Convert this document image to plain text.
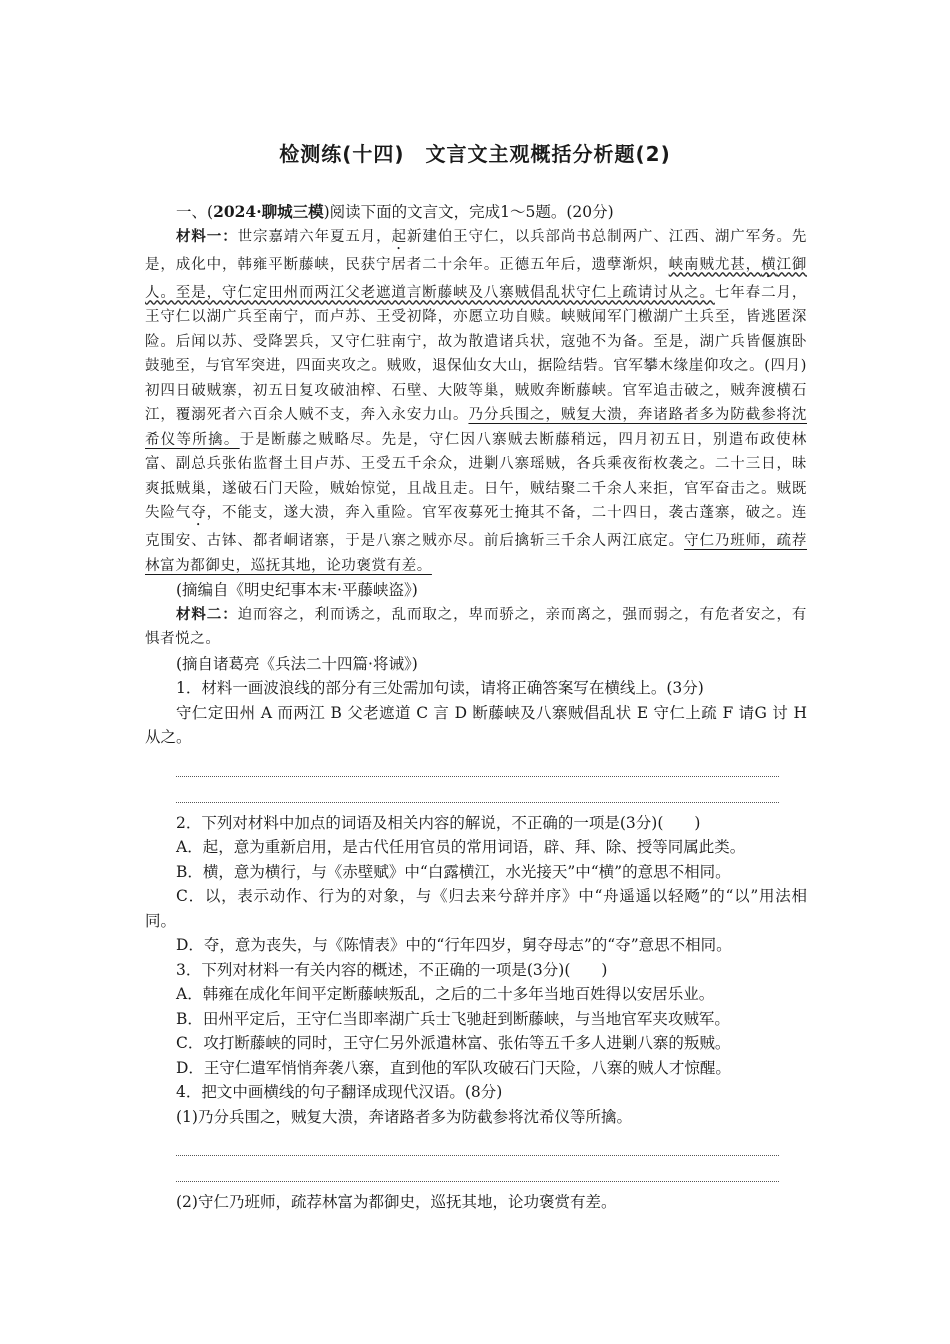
检测练(十四)　文言文主观概括分析题(2)

一、(2024·聊城三模)阅读下面的文言文，完成1～5题。(20分)

材料一：世宗嘉靖六年夏五月，起新建伯王守仁，以兵部尚书总制两广、江西、湖广军务。先是，成化中，韩雍平断藤峡，民获宁居者二十余年。正德五年后，遗孽渐炽，峡南贼尤甚，横江御人。至是，守仁定田州而两江父老遮道言断藤峡及八寨贼倡乱状守仁上疏请讨从之。七年春二月，王守仁以湖广兵至南宁，而卢苏、王受初降，亦愿立功自赎。峡贼闻军门檄湖广土兵至，皆逃匿深险。后闻以苏、受降罢兵，又守仁驻南宁，故为散遣诸兵状，寇弛不为备。至是，湖广兵皆偃旗卧鼓驰至，与官军突进，四面夹攻之。贼败，退保仙女大山，据险结砦。官军攀木缘崖仰攻之。(四月)初四日破贼寨，初五日复攻破油榨、石壁、大陂等巢，贼败奔断藤峡。官军追击破之，贼奔渡横石江，覆溺死者六百余人贼不支，奔入永安力山。乃分兵围之，贼复大溃，奔诸路者多为防截参将沈希仪等所擒。于是断藤之贼略尽。先是，守仁因八寨贼去断藤稍远，四月初五日，别遣布政使林富、副总兵张佑监督土目卢苏、王受五千余众，进剿八寨瑶贼，各兵乘夜衔枚袭之。二十三日，昧爽抵贼巢，遂破石门天险，贼始惊觉，且战且走。日午，贼结聚二千余人来拒，官军奋击之。贼既失险气夺，不能支，遂大溃，奔入重险。官军夜募死士掩其不备，二十四日，袭古蓬寨，破之。连克围安、古钵、都者峒诸寨，于是八寨之贼亦尽。前后擒斩三千余人两江底定。守仁乃班师，疏荐林富为都御史，巡抚其地，论功褒赏有差。

(摘编自《明史纪事本末·平藤峡盗》)

材料二：迫而容之，利而诱之，乱而取之，卑而骄之，亲而离之，强而弱之，有危者安之，有惧者悦之。

(摘自诸葛亮《兵法二十四篇·将诫》)

1．材料一画波浪线的部分有三处需加句读，请将正确答案写在横线上。(3分)

守仁定田州 A 而两江 B 父老遮道 C 言 D 断藤峡及八寨贼倡乱状 E 守仁上疏 F 请G 讨 H 从之。

2．下列对材料中加点的词语及相关内容的解说，不正确的一项是(3分)(　　)

A．起，意为重新启用，是古代任用官员的常用词语，辟、拜、除、授等同属此类。

B．横，意为横行，与《赤壁赋》中“白露横江，水光接天”中“横”的意思不相同。

C．以，表示动作、行为的对象，与《归去来兮辞并序》中“舟遥遥以轻飏”的“以”用法相同。

D．夺，意为丧失，与《陈情表》中的“行年四岁，舅夺母志”的“夺”意思不相同。

3．下列对材料一有关内容的概述，不正确的一项是(3分)(　　)

A．韩雍在成化年间平定断藤峡叛乱，之后的二十多年当地百姓得以安居乐业。

B．田州平定后，王守仁当即率湖广兵士飞驰赶到断藤峡，与当地官军夹攻贼军。

C．攻打断藤峡的同时，王守仁另外派遣林富、张佑等五千多人进剿八寨的叛贼。

D．王守仁遣军悄悄奔袭八寨，直到他的军队攻破石门天险，八寨的贼人才惊醒。

4．把文中画横线的句子翻译成现代汉语。(8分)

(1)乃分兵围之，贼复大溃，奔诸路者多为防截参将沈希仪等所擒。

(2)守仁乃班师，疏荐林富为都御史，巡抚其地，论功褒赏有差。
